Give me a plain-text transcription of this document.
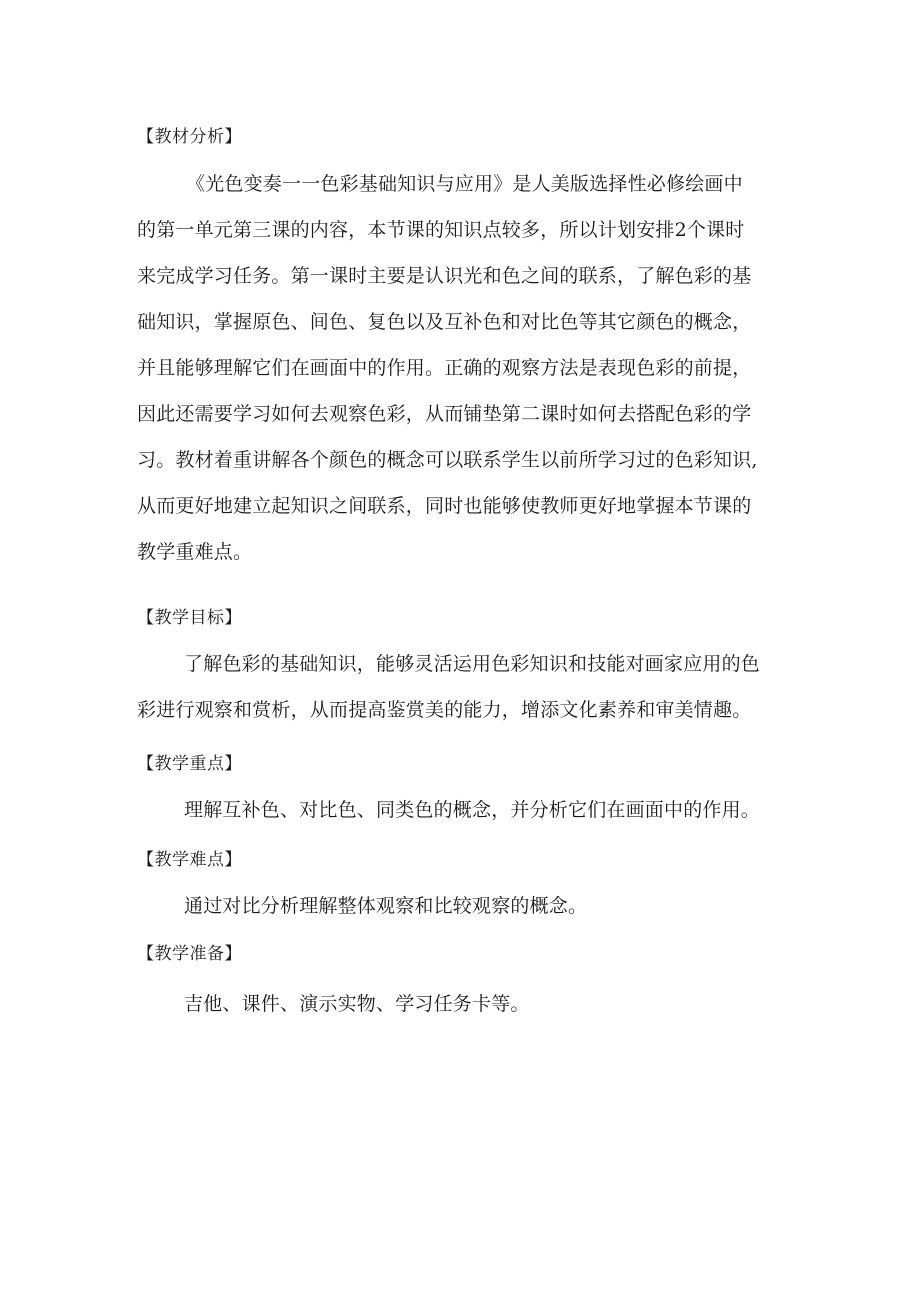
【教材分析】
《光色变奏一一色彩基础知识与应用》是人美版选择性必修绘画中
的第一单元第三课的内容，本节课的知识点较多，所以计划安排2个课时
来完成学习任务。第一课时主要是认识光和色之间的联系，了解色彩的基
础知识，掌握原色、间色、复色以及互补色和对比色等其它颜色的概念，
并且能够理解它们在画面中的作用。正确的观察方法是表现色彩的前提，
因此还需要学习如何去观察色彩，从而铺垫第二课时如何去搭配色彩的学
习。教材着重讲解各个颜色的概念可以联系学生以前所学习过的色彩知识,
从而更好地建立起知识之间联系，同时也能够使教师更好地掌握本节课的
教学重难点。
【教学目标】
了解色彩的基础知识，能够灵活运用色彩知识和技能对画家应用的色
彩进行观察和赏析，从而提高鉴赏美的能力，增添文化素养和审美情趣。
【教学重点】
理解互补色、对比色、同类色的概念，并分析它们在画面中的作用。
【教学难点】
通过对比分析理解整体观察和比较观察的概念。
【教学准备】
吉他、课件、演示实物、学习任务卡等。
